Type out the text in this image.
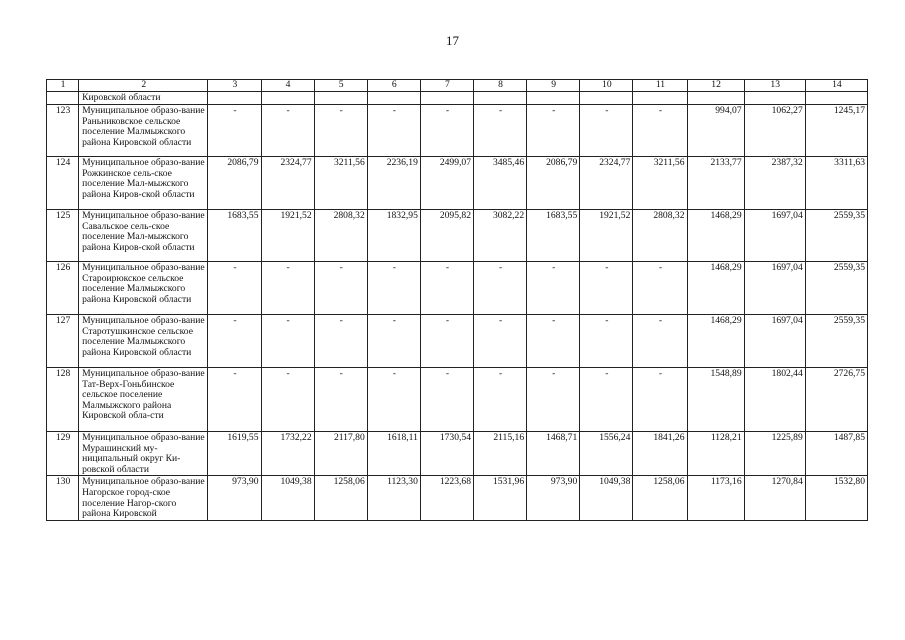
17
1	2	3	4	5	6	7	8	9	10	11	12	13	14
	Кировской области												
123	Муниципальное образо-вание Раньниковское сельское поселение Малмыжского района Кировской области	-	-	-	-	-	-	-	-	-	994,07	1062,27	1245,17
124	Муниципальное образо-вание Рожкинское сель-ское поселение Мал-мыжского района Киров-ской области	2086,79	2324,77	3211,56	2236,19	2499,07	3485,46	2086,79	2324,77	3211,56	2133,77	2387,32	3311,63
125	Муниципальное образо-вание Савальское сель-ское поселение Мал-мыжского района Киров-ской области	1683,55	1921,52	2808,32	1832,95	2095,82	3082,22	1683,55	1921,52	2808,32	1468,29	1697,04	2559,35
126	Муниципальное образо-вание Староирюкское сельское поселение Малмыжского района Кировской области	-	-	-	-	-	-	-	-	-	1468,29	1697,04	2559,35
127	Муниципальное образо-вание Старотушкинское сельское поселение Малмыжского района Кировской области	-	-	-	-	-	-	-	-	-	1468,29	1697,04	2559,35
128	Муниципальное образо-вание Тат-Верх-Гоньбинское сельское поселение Малмыжского района Кировской обла-сти	-	-	-	-	-	-	-	-	-	1548,89	1802,44	2726,75
129	Муниципальное образо-вание Мурашинский му-ниципальный округ Ки-ровской области	1619,55	1732,22	2117,80	1618,11	1730,54	2115,16	1468,71	1556,24	1841,26	1128,21	1225,89	1487,85
130	Муниципальное образо-вание Нагорское город-ское поселение Нагор-ского района Кировской	973,90	1049,38	1258,06	1123,30	1223,68	1531,96	973,90	1049,38	1258,06	1173,16	1270,84	1532,80
